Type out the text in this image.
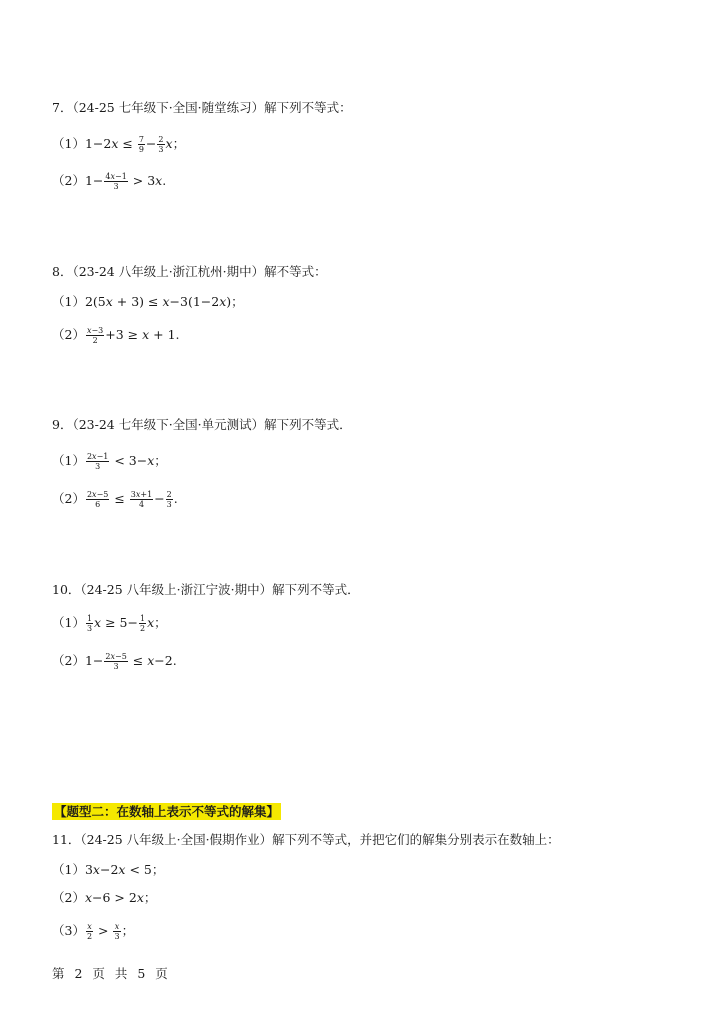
7．（24-25 七年级下·全国·随堂练习）解下列不等式：
$(1)1-2x \le \frac{7}{9} - \frac{2}{3}$ x；
$(2)1- \frac{4x-1}{3} > 3x$.
8．（23-24 八年级上·浙江杭州·期中）解不等式：
（1）2(5x + 3) ≤ x−3(1−2x)；
$(2) \frac{x-3}{2} +3 \ge x + 1$.
9．（23-24 七年级下·全国·单元测试）解下列不等式．
$(1) \frac{2x-1}{3} < 3-x$；
$(2) \frac{2x-5}{6} \le \frac{3x+1}{4} - \frac{2}{3}$ .
10．（24-25 八年级上·浙江宁波·期中）解下列不等式．
$(1) \frac{1}{3}$ $x \ge 5- \frac{1}{2}$ x；
$(2)1- \frac{2x-5}{3} \le x-2$.
【题型二：在数轴上表示不等式的解集】
11．（24-25 八年级上·全国·假期作业）解下列不等式，并把它们的解集分别表示在数轴上：
（1）3x−2x < 5；
（2）x−6 > 2x；
$(3) \frac{x}{2} > \frac{x}{3}$ ；
第 2 页 共 5 页
